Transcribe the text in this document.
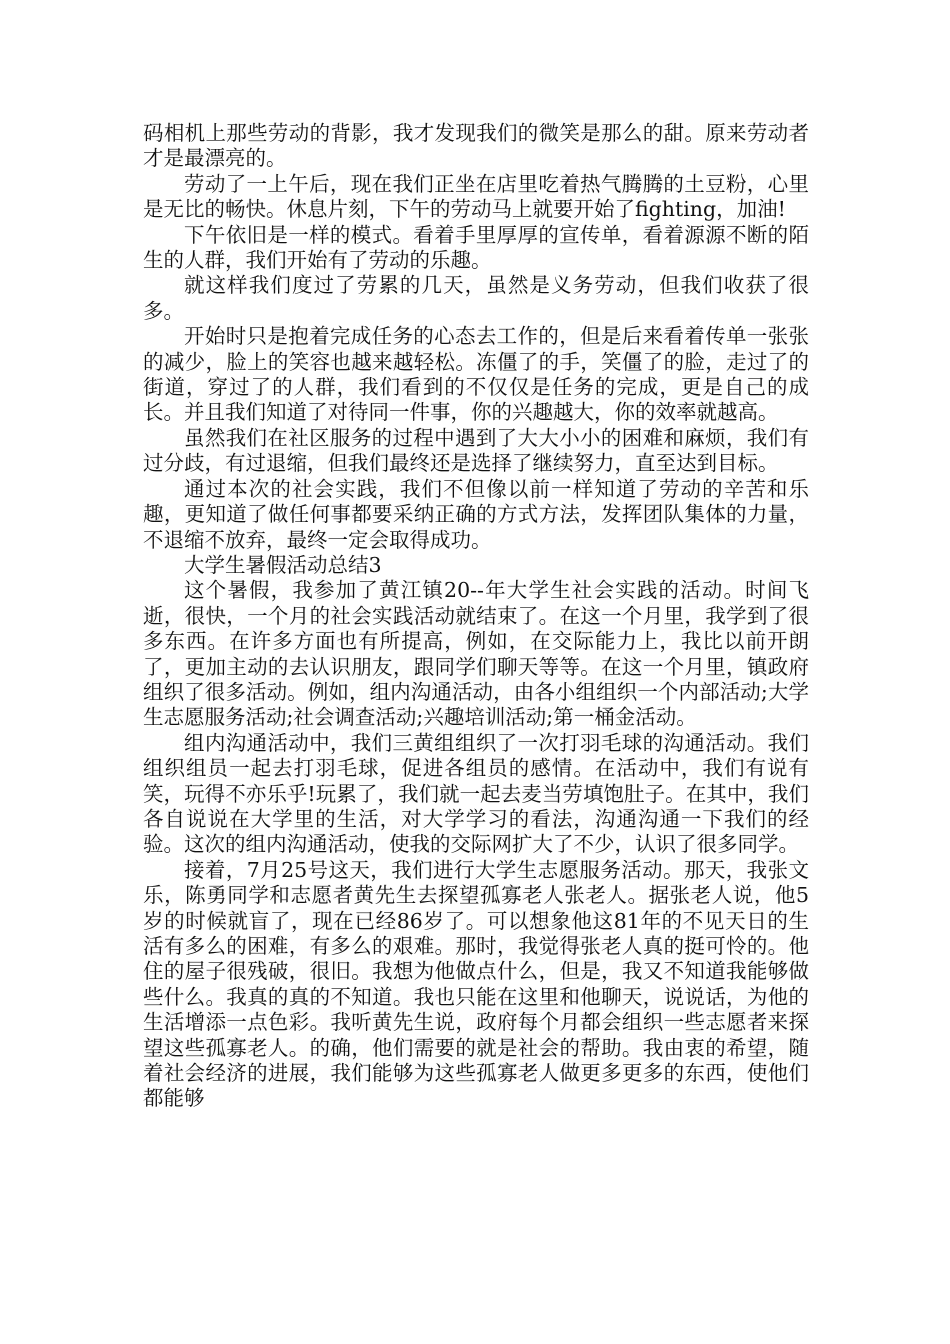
码相机上那些劳动的背影，我才发现我们的微笑是那么的甜。原来劳动者才是最漂亮的。

劳动了一上午后，现在我们正坐在店里吃着热气腾腾的土豆粉，心里是无比的畅快。休息片刻，下午的劳动马上就要开始了fighting，加油!

下午依旧是一样的模式。看着手里厚厚的宣传单，看着源源不断的陌生的人群，我们开始有了劳动的乐趣。

就这样我们度过了劳累的几天，虽然是义务劳动，但我们收获了很多。

开始时只是抱着完成任务的心态去工作的，但是后来看着传单一张张的减少，脸上的笑容也越来越轻松。冻僵了的手，笑僵了的脸，走过了的街道，穿过了的人群，我们看到的不仅仅是任务的完成，更是自己的成长。并且我们知道了对待同一件事，你的兴趣越大，你的效率就越高。

虽然我们在社区服务的过程中遇到了大大小小的困难和麻烦，我们有过分歧，有过退缩，但我们最终还是选择了继续努力，直至达到目标。

通过本次的社会实践，我们不但像以前一样知道了劳动的辛苦和乐趣，更知道了做任何事都要采纳正确的方式方法，发挥团队集体的力量，不退缩不放弃，最终一定会取得成功。

大学生暑假活动总结3

这个暑假，我参加了黄江镇20--年大学生社会实践的活动。时间飞逝，很快，一个月的社会实践活动就结束了。在这一个月里，我学到了很多东西。在许多方面也有所提高，例如，在交际能力上，我比以前开朗了，更加主动的去认识朋友，跟同学们聊天等等。在这一个月里，镇政府组织了很多活动。例如，组内沟通活动，由各小组组织一个内部活动;大学生志愿服务活动;社会调查活动;兴趣培训活动;第一桶金活动。

组内沟通活动中，我们三黄组组织了一次打羽毛球的沟通活动。我们组织组员一起去打羽毛球，促进各组员的感情。在活动中，我们有说有笑，玩得不亦乐乎!玩累了，我们就一起去麦当劳填饱肚子。在其中，我们各自说说在大学里的生活，对大学学习的看法，沟通沟通一下我们的经验。这次的组内沟通活动，使我的交际网扩大了不少，认识了很多同学。

接着，7月25号这天，我们进行大学生志愿服务活动。那天，我张文乐，陈勇同学和志愿者黄先生去探望孤寡老人张老人。据张老人说，他5岁的时候就盲了，现在已经86岁了。可以想象他这81年的不见天日的生活有多么的困难，有多么的艰难。那时，我觉得张老人真的挺可怜的。他住的屋子很残破，很旧。我想为他做点什么，但是，我又不知道我能够做些什么。我真的真的不知道。我也只能在这里和他聊天，说说话，为他的生活增添一点色彩。我听黄先生说，政府每个月都会组织一些志愿者来探望这些孤寡老人。的确，他们需要的就是社会的帮助。我由衷的希望，随着社会经济的进展，我们能够为这些孤寡老人做更多更多的东西，使他们都能够
